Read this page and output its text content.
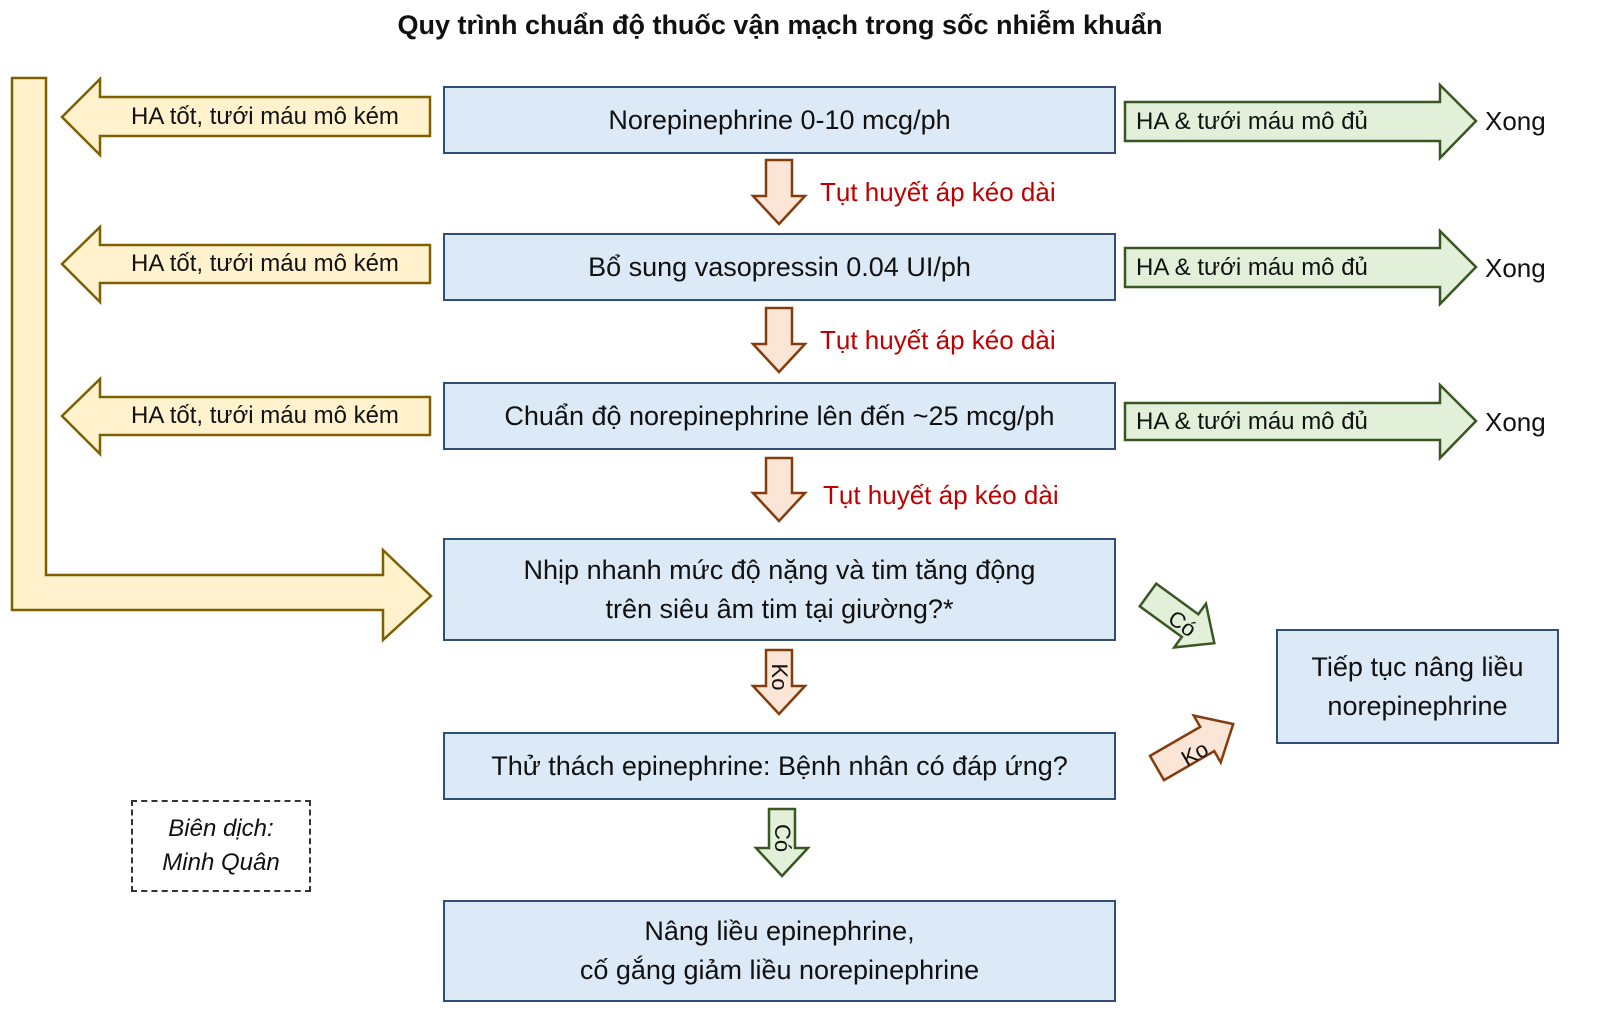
Quy trình chuẩn độ thuốc vận mạch trong sốc nhiễm khuẩn
Norepinephrine 0-10 mcg/ph
Bổ sung vasopressin 0.04 UI/ph
Chuẩn độ norepinephrine lên đến ~25 mcg/ph
Nhịp nhanh mức độ nặng và tim tăng động
trên siêu âm tim tại giường?*
Thử thách epinephrine: Bệnh nhân có đáp ứng?
Nâng liều epinephrine,
cố gắng giảm liều norepinephrine
Tiếp tục nâng liều
norepinephrine
HA tốt, tưới máu mô kém
HA tốt, tưới máu mô kém
HA tốt, tưới máu mô kém
HA & tưới máu mô đủ
HA & tưới máu mô đủ
HA & tưới máu mô đủ
Xong
Xong
Xong
Tụt huyết áp kéo dài
Tụt huyết áp kéo dài
Tụt huyết áp kéo dài
Ko
Có
Có
Ko
Biên dịch:
Minh Quân
